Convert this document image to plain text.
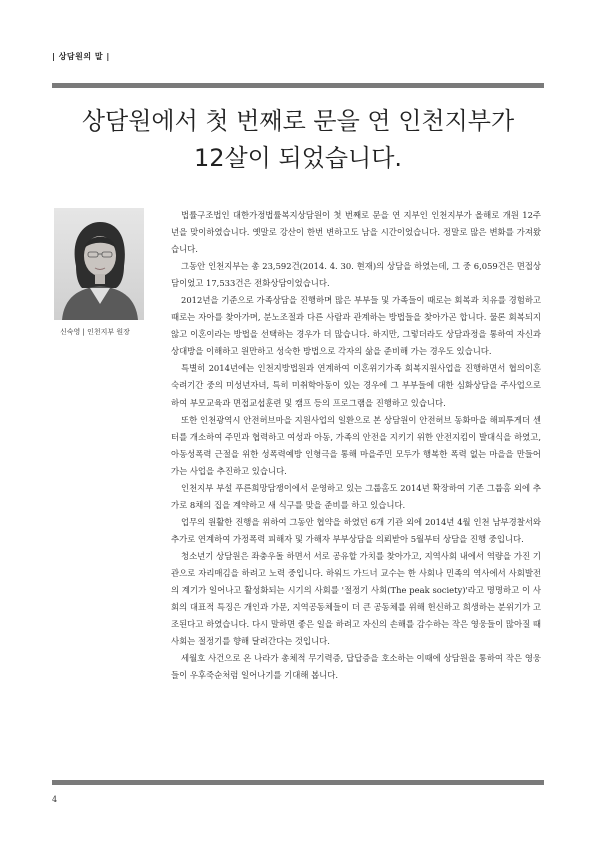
| 상담원의 말 |
상담원에서 첫 번째로 문을 연 인천지부가
12살이 되었습니다.
신숙영 | 인천지부 원장

법률구조법인 대한가정법률복지상담원이 첫 번째로 문을 연 지부인 인천지부가 올해로 개원 12주년을 맞이하였습니다. 옛말로 강산이 한번 변하고도 남을 시간이었습니다. 정말로 많은 변화를 가져왔습니다.

그동안 인천지부는 총 23,592건(2014. 4. 30. 현재)의 상담을 하였는데, 그 중 6,059건은 면접상담이었고 17,533건은 전화상담이었습니다.

2012년을 기준으로 가족상담을 진행하며 많은 부부들 및 가족들이 때로는 회복과 치유를 경험하고 때로는 자아를 찾아가며, 분노조절과 다른 사람과 관계하는 방법들을 찾아가곤 합니다. 물론 회복되지 않고 이혼이라는 방법을 선택하는 경우가 더 많습니다. 하지만, 그렇더라도 상담과정을 통하여 자신과 상대방을 이해하고 원만하고 성숙한 방법으로 각자의 삶을 준비해 가는 경우도 있습니다.

특별히 2014년에는 인천지방법원과 연계하여 이혼위기가족 회복지원사업을 진행하면서 협의이혼 숙려기간 중의 미성년자녀, 특히 미취학아동이 있는 경우에 그 부부들에 대한 심화상담을 주사업으로 하여 부모교육과 면접교섭훈련 및 캠프 등의 프로그램을 진행하고 있습니다.

또한 인천광역시 안전허브마을 지원사업의 일환으로 본 상담원이 안전허브 동화마을 해피투게더 센터를 개소하여 주민과 협력하고 여성과 아동, 가족의 안전을 지키기 위한 안전지킴이 발대식을 하였고, 아동성폭력 근절을 위한 성폭력예방 인형극을 통해 마을주민 모두가 행복한 폭력 없는 마을을 만들어가는 사업을 추진하고 있습니다.

인천지부 부설 푸른희망담쟁이에서 운영하고 있는 그룹홈도 2014년 확장하여 기존 그룹홈 외에 추가로 8채의 집을 계약하고 새 식구를 맞을 준비를 하고 있습니다.

업무의 원활한 진행을 위하여 그동안 협약을 하였던 6개 기관 외에 2014년 4월 인천 남부경찰서와 추가로 연계하여 가정폭력 피해자 및 가해자 부부상담을 의뢰받아 5월부터 상담을 진행 중입니다.

청소년기 상담원은 좌충우돌 하면서 서로 공유할 가치를 찾아가고, 지역사회 내에서 역량을 가진 기관으로 자리매김을 하려고 노력 중입니다. 하워드 가드너 교수는 한 사회나 민족의 역사에서 사회발전의 계기가 일어나고 활성화되는 시기의 사회를 '절정기 사회(The peak society)'라고 명명하고 이 사회의 대표적 특징은 개인과 가문, 지역공동체들이 더 큰 공동체를 위해 헌신하고 희생하는 분위기가 고조된다고 하였습니다. 다시 말하면 좋은 일을 하려고 자신의 손해를 감수하는 작은 영웅들이 많아질 때 사회는 절정기를 향해 달려간다는 것입니다.

세월호 사건으로 온 나라가 총체적 무기력증, 답답증을 호소하는 이때에 상담원을 통하여 작은 영웅들이 우후죽순처럼 일어나기를 기대해 봅니다.

4
